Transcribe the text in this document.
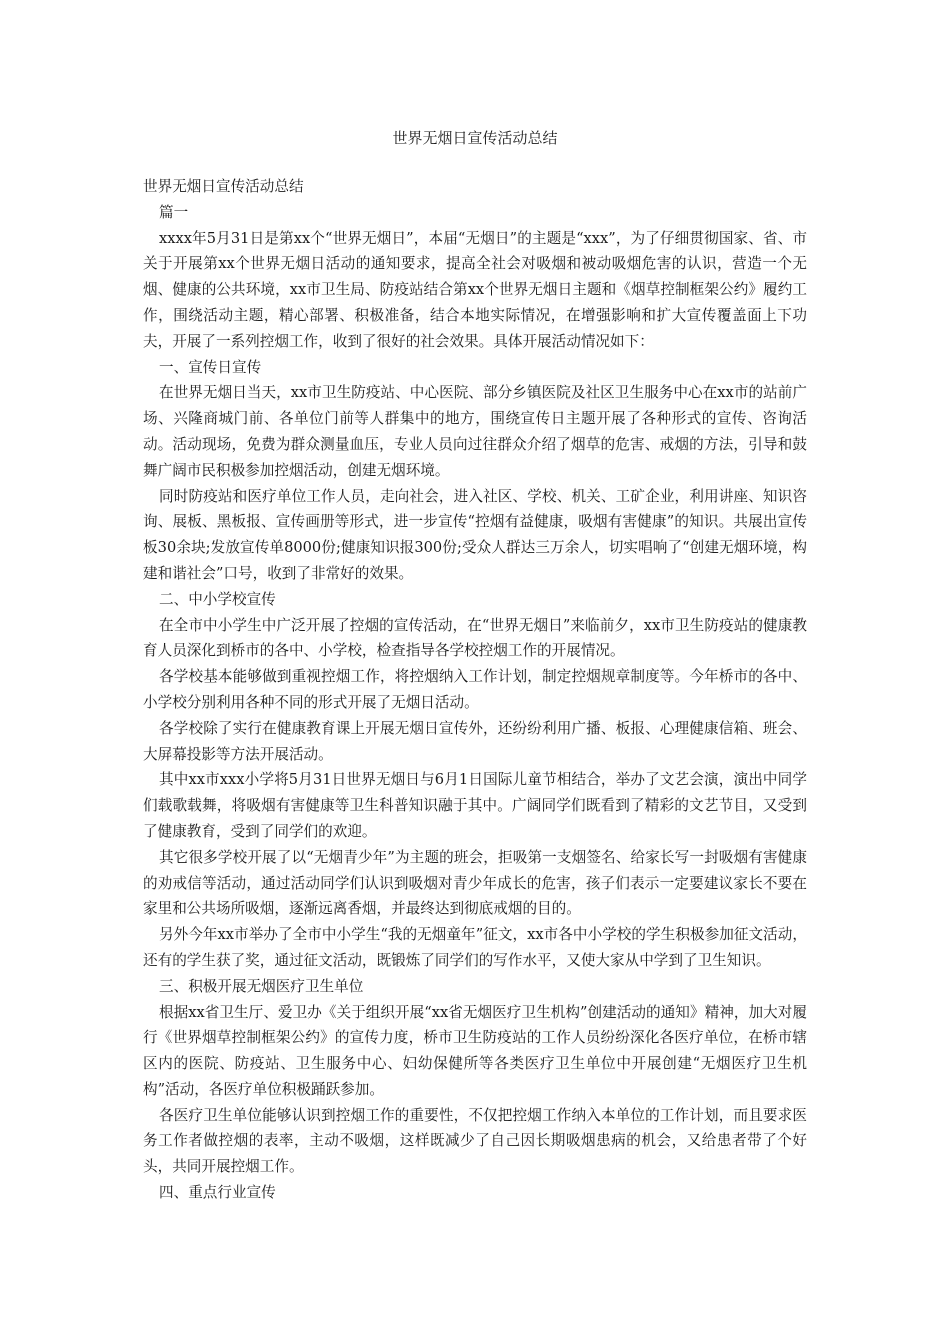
世界无烟日宣传活动总结

世界无烟日宣传活动总结

篇一

xxxx年5月31日是第xx个“世界无烟日”，本届“无烟日”的主题是“xxx”，为了仔细贯彻国家、省、市关于开展第xx个世界无烟日活动的通知要求，提高全社会对吸烟和被动吸烟危害的认识，营造一个无烟、健康的公共环境，xx市卫生局、防疫站结合第xx个世界无烟日主题和《烟草控制框架公约》履约工作，围绕活动主题，精心部署、积极准备，结合本地实际情况，在增强影响和扩大宣传覆盖面上下功夫，开展了一系列控烟工作，收到了很好的社会效果。具体开展活动情况如下：

一、宣传日宣传

在世界无烟日当天，xx市卫生防疫站、中心医院、部分乡镇医院及社区卫生服务中心在xx市的站前广场、兴隆商城门前、各单位门前等人群集中的地方，围绕宣传日主题开展了各种形式的宣传、咨询活动。活动现场，免费为群众测量血压，专业人员向过往群众介绍了烟草的危害、戒烟的方法，引导和鼓舞广阔市民积极参加控烟活动，创建无烟环境。

同时防疫站和医疗单位工作人员，走向社会，进入社区、学校、机关、工矿企业，利用讲座、知识咨询、展板、黑板报、宣传画册等形式，进一步宣传“控烟有益健康，吸烟有害健康”的知识。共展出宣传板30余块;发放宣传单8000份;健康知识报300份;受众人群达三万余人，切实唱响了“创建无烟环境，构建和谐社会”口号，收到了非常好的效果。

二、中小学校宣传

在全市中小学生中广泛开展了控烟的宣传活动，在“世界无烟日”来临前夕，xx市卫生防疫站的健康教育人员深化到桥市的各中、小学校，检查指导各学校控烟工作的开展情况。

各学校基本能够做到重视控烟工作，将控烟纳入工作计划，制定控烟规章制度等。今年桥市的各中、小学校分别利用各种不同的形式开展了无烟日活动。

各学校除了实行在健康教育课上开展无烟日宣传外，还纷纷利用广播、板报、心理健康信箱、班会、大屏幕投影等方法开展活动。

其中xx市xxx小学将5月31日世界无烟日与6月1日国际儿童节相结合，举办了文艺会演，演出中同学们载歌载舞，将吸烟有害健康等卫生科普知识融于其中。广阔同学们既看到了精彩的文艺节目，又受到了健康教育，受到了同学们的欢迎。

其它很多学校开展了以“无烟青少年”为主题的班会，拒吸第一支烟签名、给家长写一封吸烟有害健康的劝戒信等活动，通过活动同学们认识到吸烟对青少年成长的危害，孩子们表示一定要建议家长不要在家里和公共场所吸烟，逐渐远离香烟，并最终达到彻底戒烟的目的。

另外今年xx市举办了全市中小学生“我的无烟童年”征文，xx市各中小学校的学生积极参加征文活动，还有的学生获了奖，通过征文活动，既锻炼了同学们的写作水平，又使大家从中学到了卫生知识。

三、积极开展无烟医疗卫生单位

根据xx省卫生厅、爱卫办《关于组织开展“xx省无烟医疗卫生机构”创建活动的通知》精神，加大对履行《世界烟草控制框架公约》的宣传力度，桥市卫生防疫站的工作人员纷纷深化各医疗单位，在桥市辖区内的医院、防疫站、卫生服务中心、妇幼保健所等各类医疗卫生单位中开展创建“无烟医疗卫生机构”活动，各医疗单位积极踊跃参加。

各医疗卫生单位能够认识到控烟工作的重要性，不仅把控烟工作纳入本单位的工作计划，而且要求医务工作者做控烟的表率，主动不吸烟，这样既减少了自己因长期吸烟患病的机会，又给患者带了个好头，共同开展控烟工作。

四、重点行业宣传
